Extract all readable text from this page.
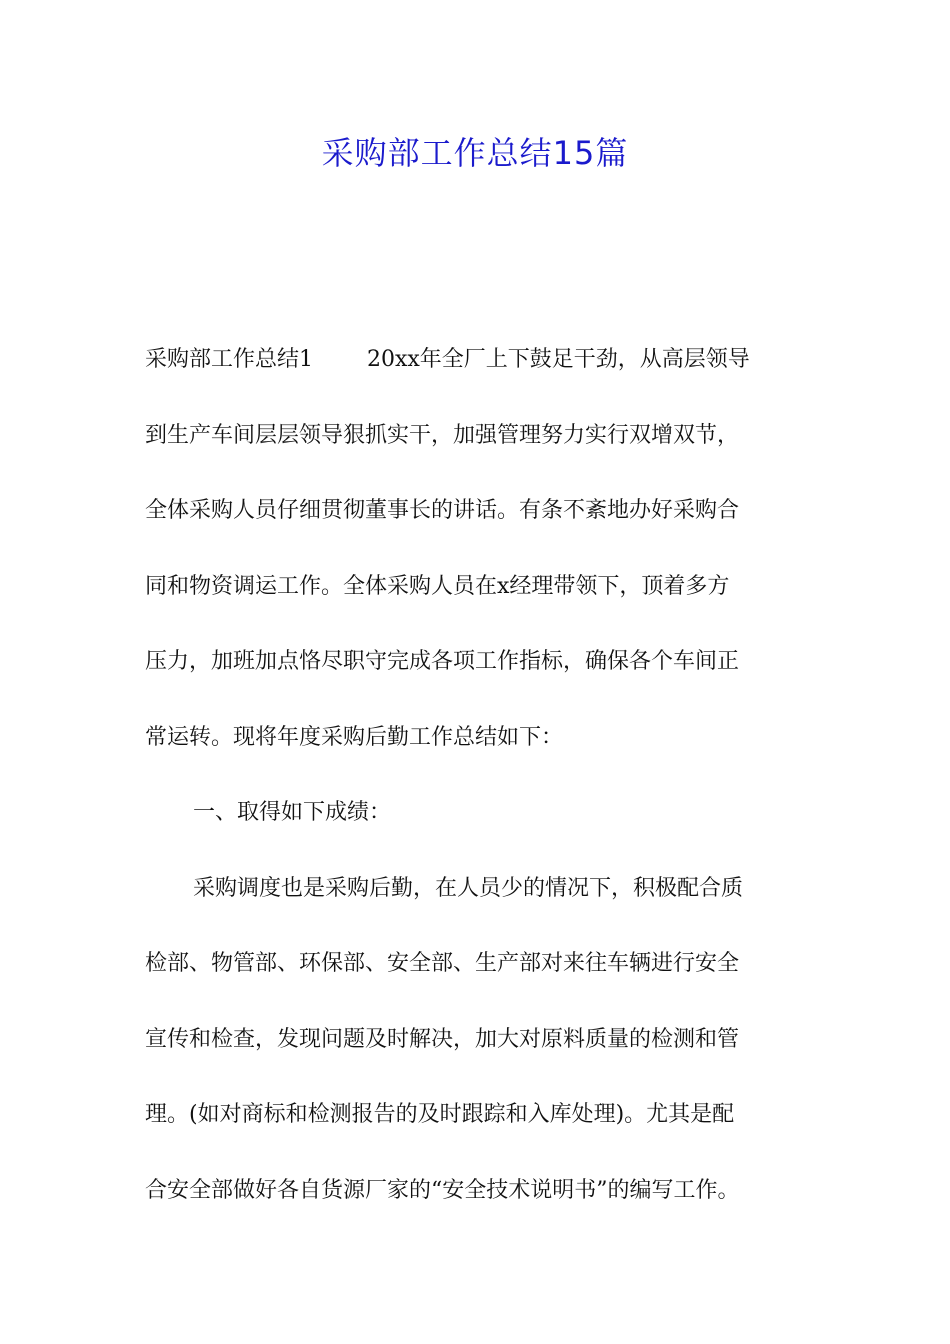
采购部工作总结15篇
采购部工作总结1 20xx年全厂上下鼓足干劲，从高层领导
到生产车间层层领导狠抓实干，加强管理努力实行双增双节，
全体采购人员仔细贯彻董事长的讲话。有条不紊地办好采购合
同和物资调运工作。全体采购人员在x经理带领下，顶着多方
压力，加班加点恪尽职守完成各项工作指标，确保各个车间正
常运转。现将年度采购后勤工作总结如下：
一、取得如下成绩：
采购调度也是采购后勤，在人员少的情况下，积极配合质
检部、物管部、环保部、安全部、生产部对来往车辆进行安全
宣传和检查，发现问题及时解决，加大对原料质量的检测和管
理。(如对商标和检测报告的及时跟踪和入库处理)。尤其是配
合安全部做好各自货源厂家的“安全技术说明书”的编写工作。
